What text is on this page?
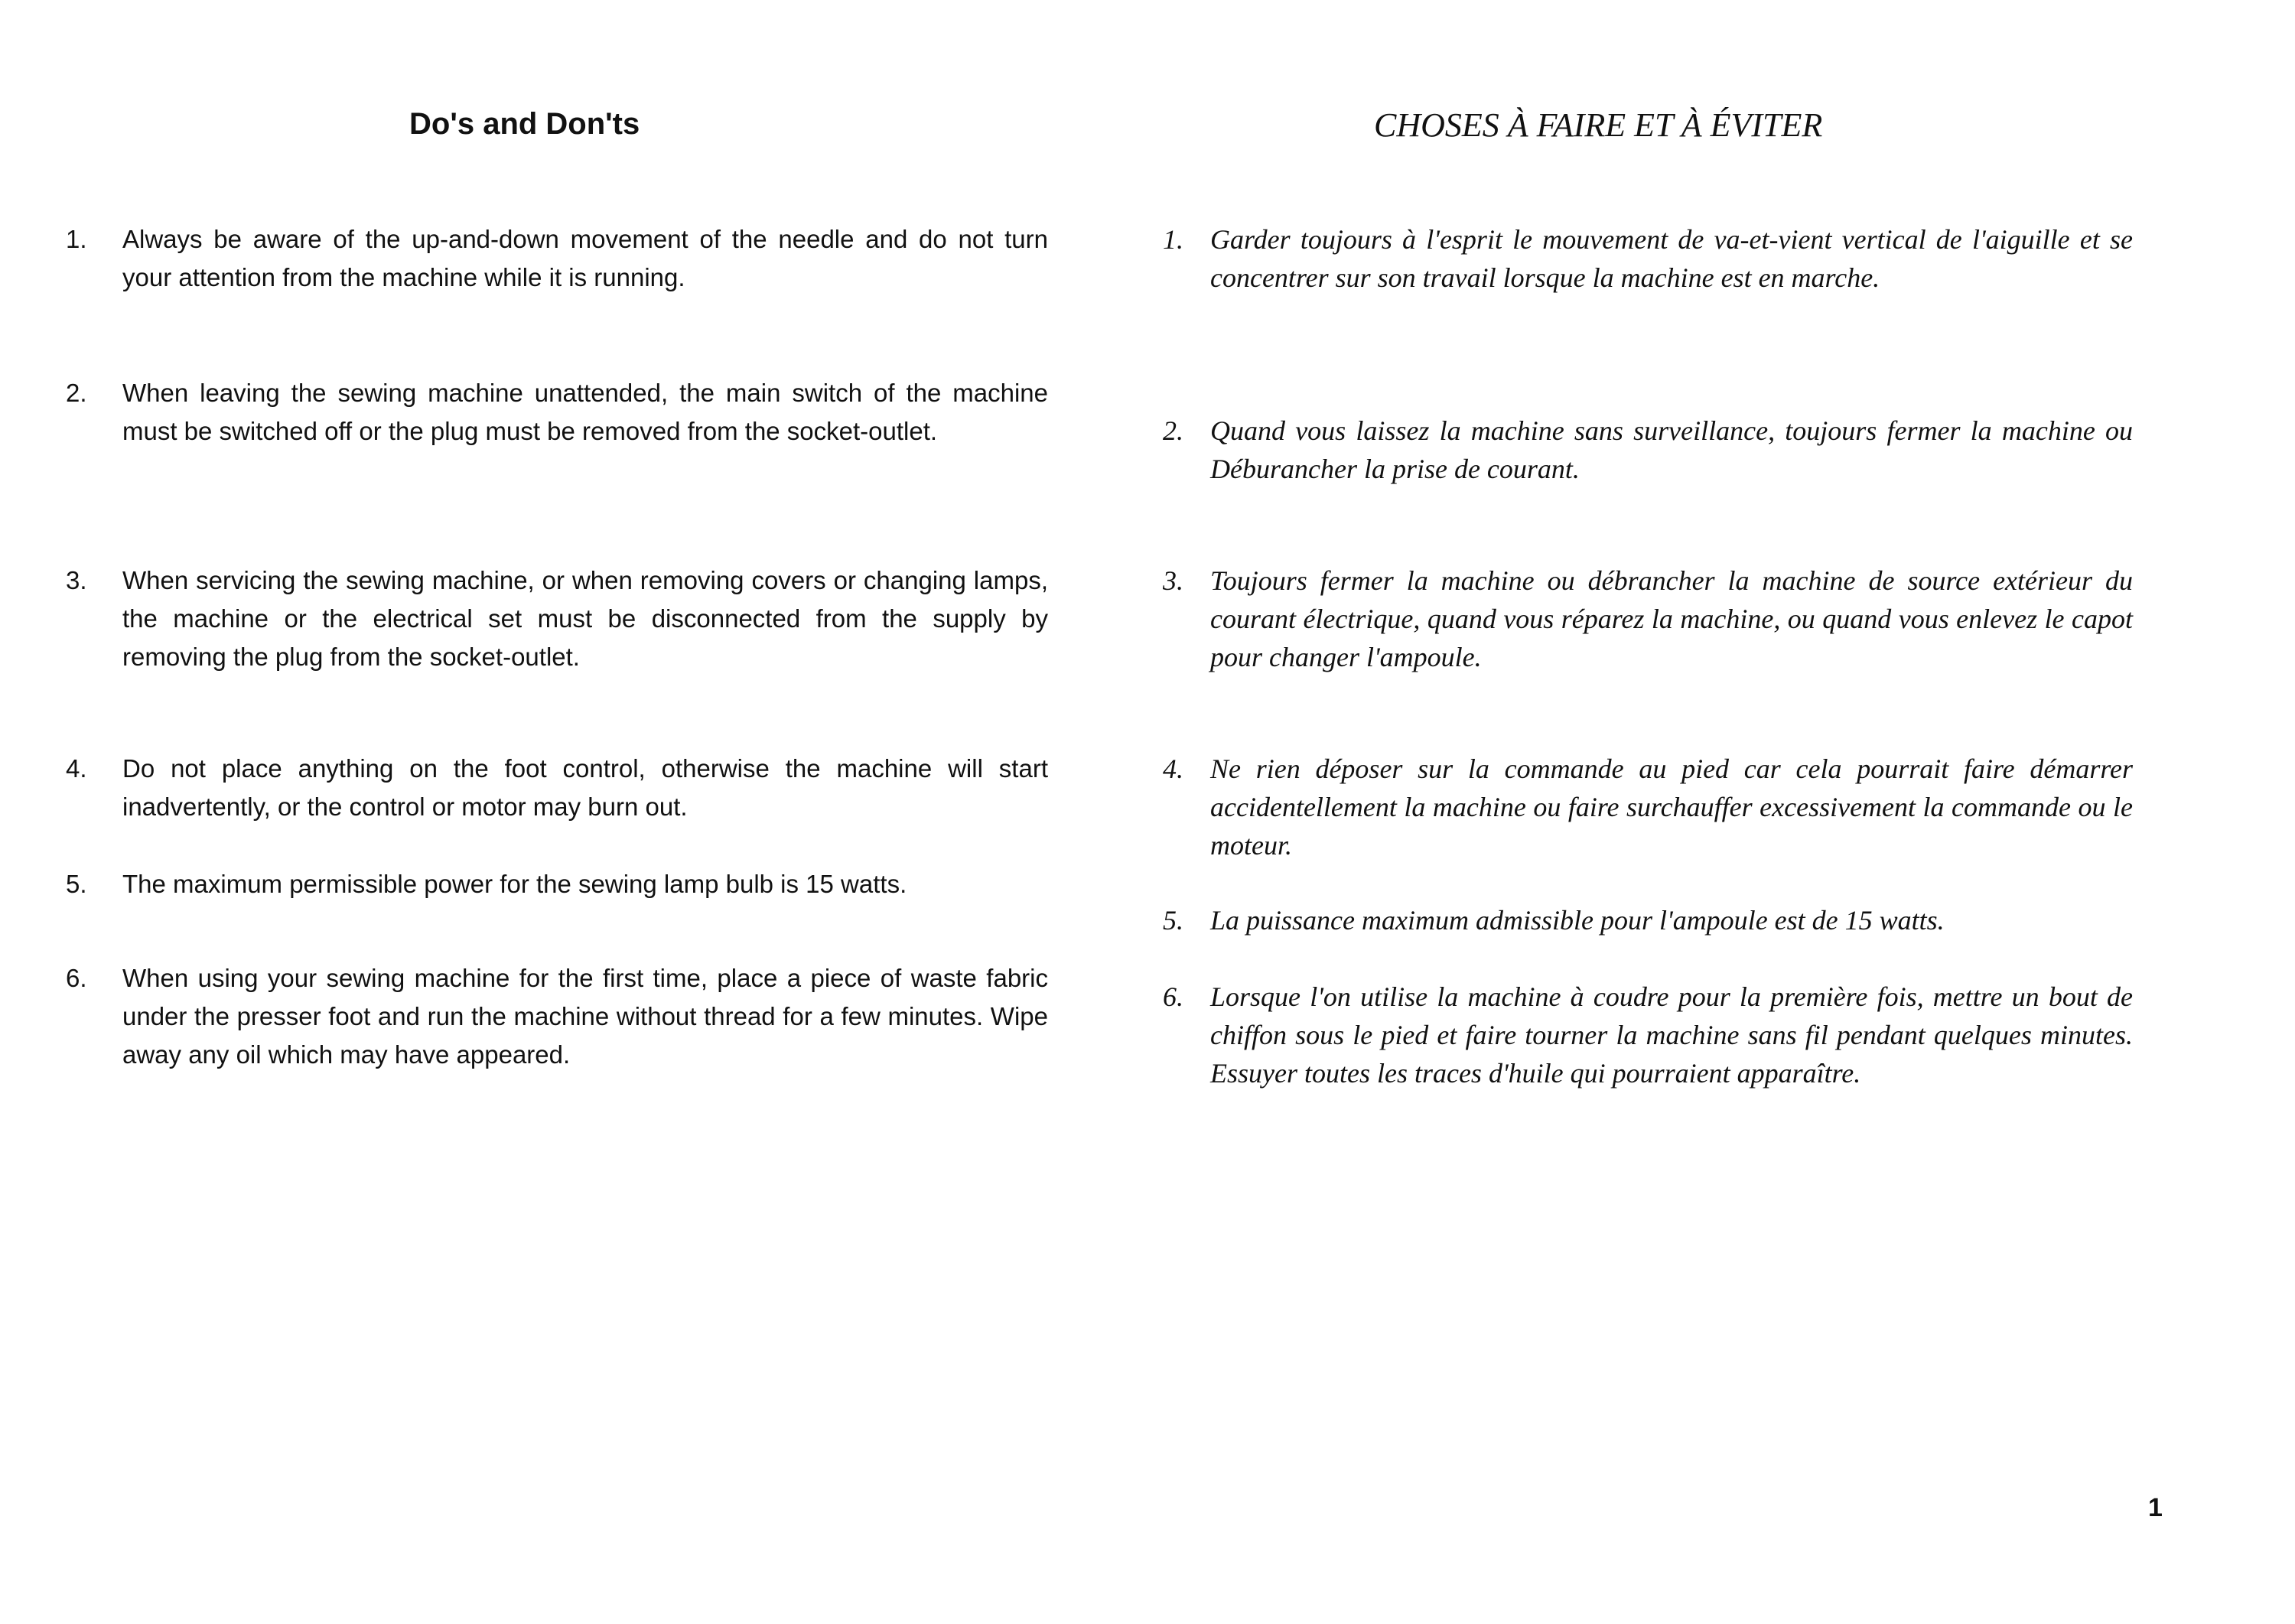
Do's and Don'ts
1. Always be aware of the up-and-down movement of the needle and do not turn your attention from the machine while it is running.
2. When leaving the sewing machine unattended, the main switch of the machine must be switched off or the plug must be removed from the socket-outlet.
3. When servicing the sewing machine, or when removing covers or changing lamps, the machine or the electrical set must be disconnected from the supply by removing the plug from the socket-outlet.
4. Do not place anything on the foot control, otherwise the machine will start inadvertently, or the control or motor may burn out.
5. The maximum permissible power for the sewing lamp bulb is 15 watts.
6. When using your sewing machine for the first time, place a piece of waste fabric under the presser foot and run the machine without thread for a few minutes. Wipe away any oil which may have appeared.
CHOSES À FAIRE ET À ÉVITER
1. Garder toujours à l'esprit le mouvement de va-et-vient vertical de l'aiguille et se concentrer sur son travail lorsque la machine est en marche.
2. Quand vous laissez la machine sans surveillance, toujours fermer la machine ou Déburancher la prise de courant.
3. Toujours fermer la machine ou débrancher la machine de source extérieur du courant électrique, quand vous réparez la machine, ou quand vous enlevez le capot pour changer l'ampoule.
4. Ne rien déposer sur la commande au pied car cela pourrait faire démarrer accidentellement la machine ou faire surchauffer excessivement la commande ou le moteur.
5. La puissance maximum admissible pour l'ampoule est de 15 watts.
6. Lorsque l'on utilise la machine à coudre pour la première fois, mettre un bout de chiffon sous le pied et faire tourner la machine sans fil pendant quelques minutes. Essuyer toutes les traces d'huile qui pourraient apparaître.
1
